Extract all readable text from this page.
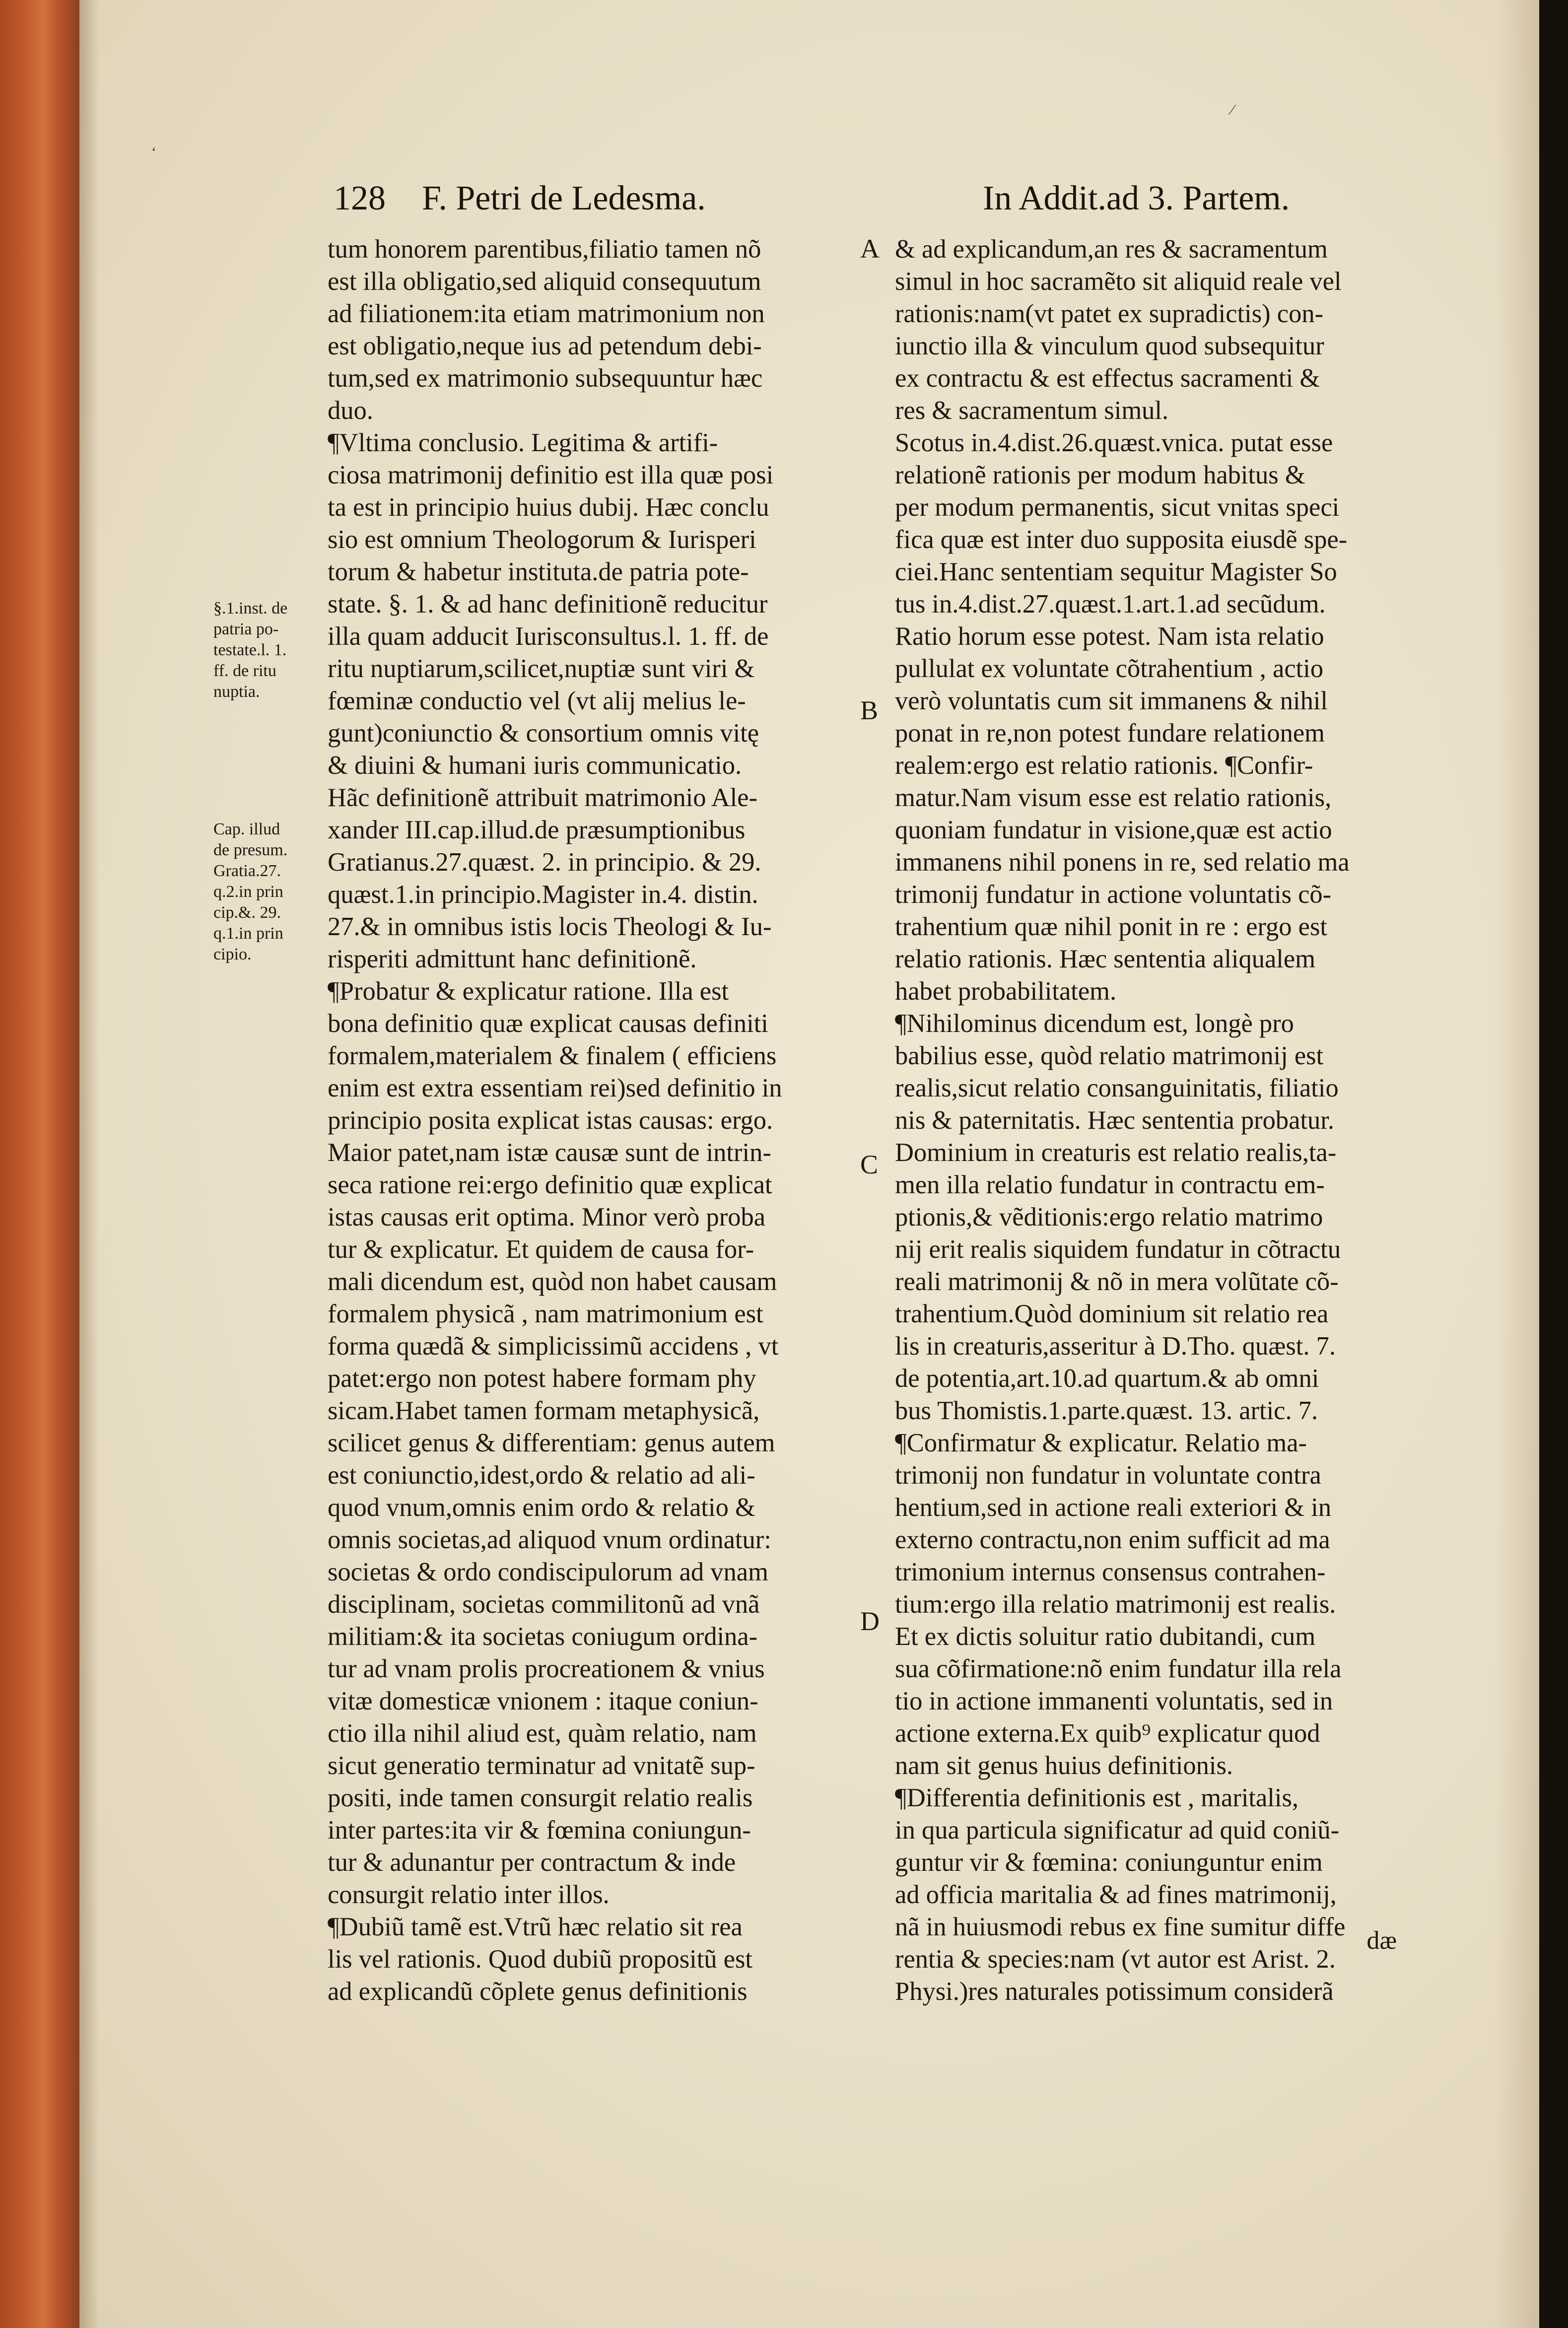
128 F. Petri de Ledesma.	In Addit.ad 3. Partem.
§.1.inst. de
patria po-
testate.l. 1.
ff. de ritu
nuptia.
Cap. illud
de presum.
Gratia.27.
q.2.in prin
cip.&. 29.
q.1.in prin
cipio.
tum honorem parentibus,filiatio tamen nõ
est illa obligatio,sed aliquid consequutum
ad filiationem:ita etiam matrimonium non
est obligatio,neque ius ad petendum debi-
tum,sed ex matrimonio subsequuntur hæc
duo.
¶Vltima conclusio. Legitima & artifi-
ciosa matrimonij definitio est illa quæ posi
ta est in principio huius dubij. Hæc conclu
sio est omnium Theologorum & Iurisperi
torum & habetur instituta.de patria pote-
state. §. 1. & ad hanc definitionẽ reducitur
illa quam adducit Iurisconsultus.l. 1. ff. de
ritu nuptiarum,scilicet,nuptiæ sunt viri &
fœminæ conductio vel (vt alij melius le-
gunt)coniunctio & consortium omnis vitę
& diuini & humani iuris communicatio.
Hãc definitionẽ attribuit matrimonio Ale-
xander III.cap.illud.de præsumptionibus
Gratianus.27.quæst. 2. in principio. & 29.
quæst.1.in principio.Magister in.4. distin.
27.& in omnibus istis locis Theologi & Iu-
risperiti admittunt hanc definitionẽ.
¶Probatur & explicatur ratione. Illa est
bona definitio quæ explicat causas definiti
formalem,materialem & finalem ( efficiens
enim est extra essentiam rei)sed definitio in
principio posita explicat istas causas: ergo.
Maior patet,nam istæ causæ sunt de intrin-
seca ratione rei:ergo definitio quæ explicat
istas causas erit optima. Minor verò proba
tur & explicatur. Et quidem de causa for-
mali dicendum est, quòd non habet causam
formalem physicã , nam matrimonium est
forma quædã & simplicissimũ accidens , vt
patet:ergo non potest habere formam phy
sicam.Habet tamen formam metaphysicã,
scilicet genus & differentiam: genus autem
est coniunctio,idest,ordo & relatio ad ali-
quod vnum,omnis enim ordo & relatio &
omnis societas,ad aliquod vnum ordinatur:
societas & ordo condiscipulorum ad vnam
disciplinam, societas commilitonũ ad vnã
militiam:& ita societas coniugum ordina-
tur ad vnam prolis procreationem & vnius
vitæ domesticæ vnionem : itaque coniun-
ctio illa nihil aliud est, quàm relatio, nam
sicut generatio terminatur ad vnitatẽ sup-
positi, inde tamen consurgit relatio realis
inter partes:ita vir & fœmina coniungun-
tur & adunantur per contractum & inde
consurgit relatio inter illos.
¶Dubiũ tamẽ est.Vtrũ hæc relatio sit rea
lis vel rationis. Quod dubiũ propositũ est
ad explicandũ cõplete genus definitionis
& ad explicandum,an res & sacramentum
simul in hoc sacramẽto sit aliquid reale vel
rationis:nam(vt patet ex supradictis) con-
iunctio illa & vinculum quod subsequitur
ex contractu & est effectus sacramenti &
res & sacramentum simul.
Scotus in.4.dist.26.quæst.vnica. putat esse
relationẽ rationis per modum habitus &
per modum permanentis, sicut vnitas speci
fica quæ est inter duo supposita eiusdẽ spe-
ciei.Hanc sententiam sequitur Magister So
tus in.4.dist.27.quæst.1.art.1.ad secũdum.
Ratio horum esse potest. Nam ista relatio
pullulat ex voluntate cõtrahentium , actio
verò voluntatis cum sit immanens & nihil
ponat in re,non potest fundare relationem
realem:ergo est relatio rationis. ¶Confir-
matur.Nam visum esse est relatio rationis,
quoniam fundatur in visione,quæ est actio
immanens nihil ponens in re, sed relatio ma
trimonij fundatur in actione voluntatis cõ-
trahentium quæ nihil ponit in re : ergo est
relatio rationis. Hæc sententia aliqualem
habet probabilitatem.
¶Nihilominus dicendum est, longè pro
babilius esse, quòd relatio matrimonij est
realis,sicut relatio consanguinitatis, filiatio
nis & paternitatis. Hæc sententia probatur.
Dominium in creaturis est relatio realis,ta-
men illa relatio fundatur in contractu em-
ptionis,& vẽditionis:ergo relatio matrimo
nij erit realis siquidem fundatur in cõtractu
reali matrimonij & nõ in mera volũtate cõ-
trahentium.Quòd dominium sit relatio rea
lis in creaturis,asseritur à D.Tho. quæst. 7.
de potentia,art.10.ad quartum.& ab omni
bus Thomistis.1.parte.quæst. 13. artic. 7.
¶Confirmatur & explicatur. Relatio ma-
trimonij non fundatur in voluntate contra
hentium,sed in actione reali exteriori & in
externo contractu,non enim sufficit ad ma
trimonium internus consensus contrahen-
tium:ergo illa relatio matrimonij est realis.
Et ex dictis soluitur ratio dubitandi, cum
sua cõfirmatione:nõ enim fundatur illa rela
tio in actione immanenti voluntatis, sed in
actione externa.Ex quib⁹ explicatur quod
nam sit genus huius definitionis.
¶Differentia definitionis est , maritalis,
in qua particula significatur ad quid coniũ-
guntur vir & fœmina: coniunguntur enim
ad officia maritalia & ad fines matrimonij,
nã in huiusmodi rebus ex fine sumitur diffe
rentia & species:nam (vt autor est Arist. 2.
Physi.)res naturales potissimum considerã
A
B
C
D
dæ
ʻ
⁄
